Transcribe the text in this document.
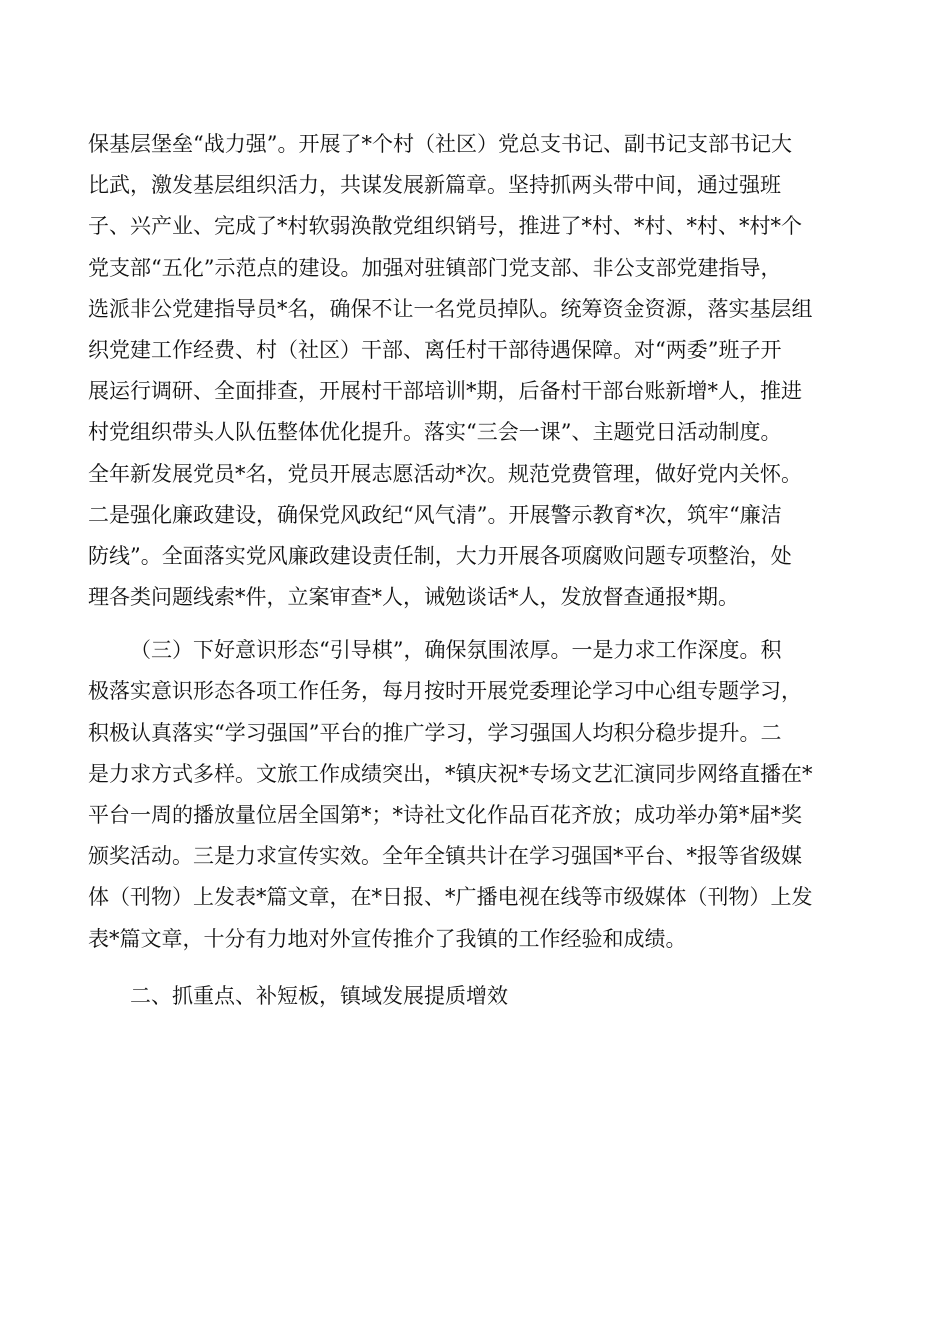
保基层堡垒“战力强”。开展了*个村（社区）党总支书记、副书记支部书记大
比武，激发基层组织活力，共谋发展新篇章。坚持抓两头带中间，通过强班
子、兴产业、完成了*村软弱涣散党组织销号，推进了*村、*村、*村、*村*个
党支部“五化”示范点的建设。加强对驻镇部门党支部、非公支部党建指导，
选派非公党建指导员*名，确保不让一名党员掉队。统筹资金资源，落实基层组
织党建工作经费、村（社区）干部、离任村干部待遇保障。对“两委”班子开
展运行调研、全面排查，开展村干部培训*期，后备村干部台账新增*人，推进
村党组织带头人队伍整体优化提升。落实“三会一课”、主题党日活动制度。
全年新发展党员*名，党员开展志愿活动*次。规范党费管理，做好党内关怀。
二是强化廉政建设，确保党风政纪“风气清”。开展警示教育*次，筑牢“廉洁
防线”。全面落实党风廉政建设责任制，大力开展各项腐败问题专项整治，处
理各类问题线索*件，立案审查*人，诫勉谈话*人，发放督查通报*期。
（三）下好意识形态“引导棋”，确保氛围浓厚。一是力求工作深度。积
极落实意识形态各项工作任务，每月按时开展党委理论学习中心组专题学习，
积极认真落实“学习强国”平台的推广学习，学习强国人均积分稳步提升。二
是力求方式多样。文旅工作成绩突出，*镇庆祝*专场文艺汇演同步网络直播在*
平台一周的播放量位居全国第*；*诗社文化作品百花齐放；成功举办第*届*奖
颁奖活动。三是力求宣传实效。全年全镇共计在学习强国*平台、*报等省级媒
体（刊物）上发表*篇文章，在*日报、*广播电视在线等市级媒体（刊物）上发
表*篇文章，十分有力地对外宣传推介了我镇的工作经验和成绩。
二、抓重点、补短板，镇域发展提质增效
